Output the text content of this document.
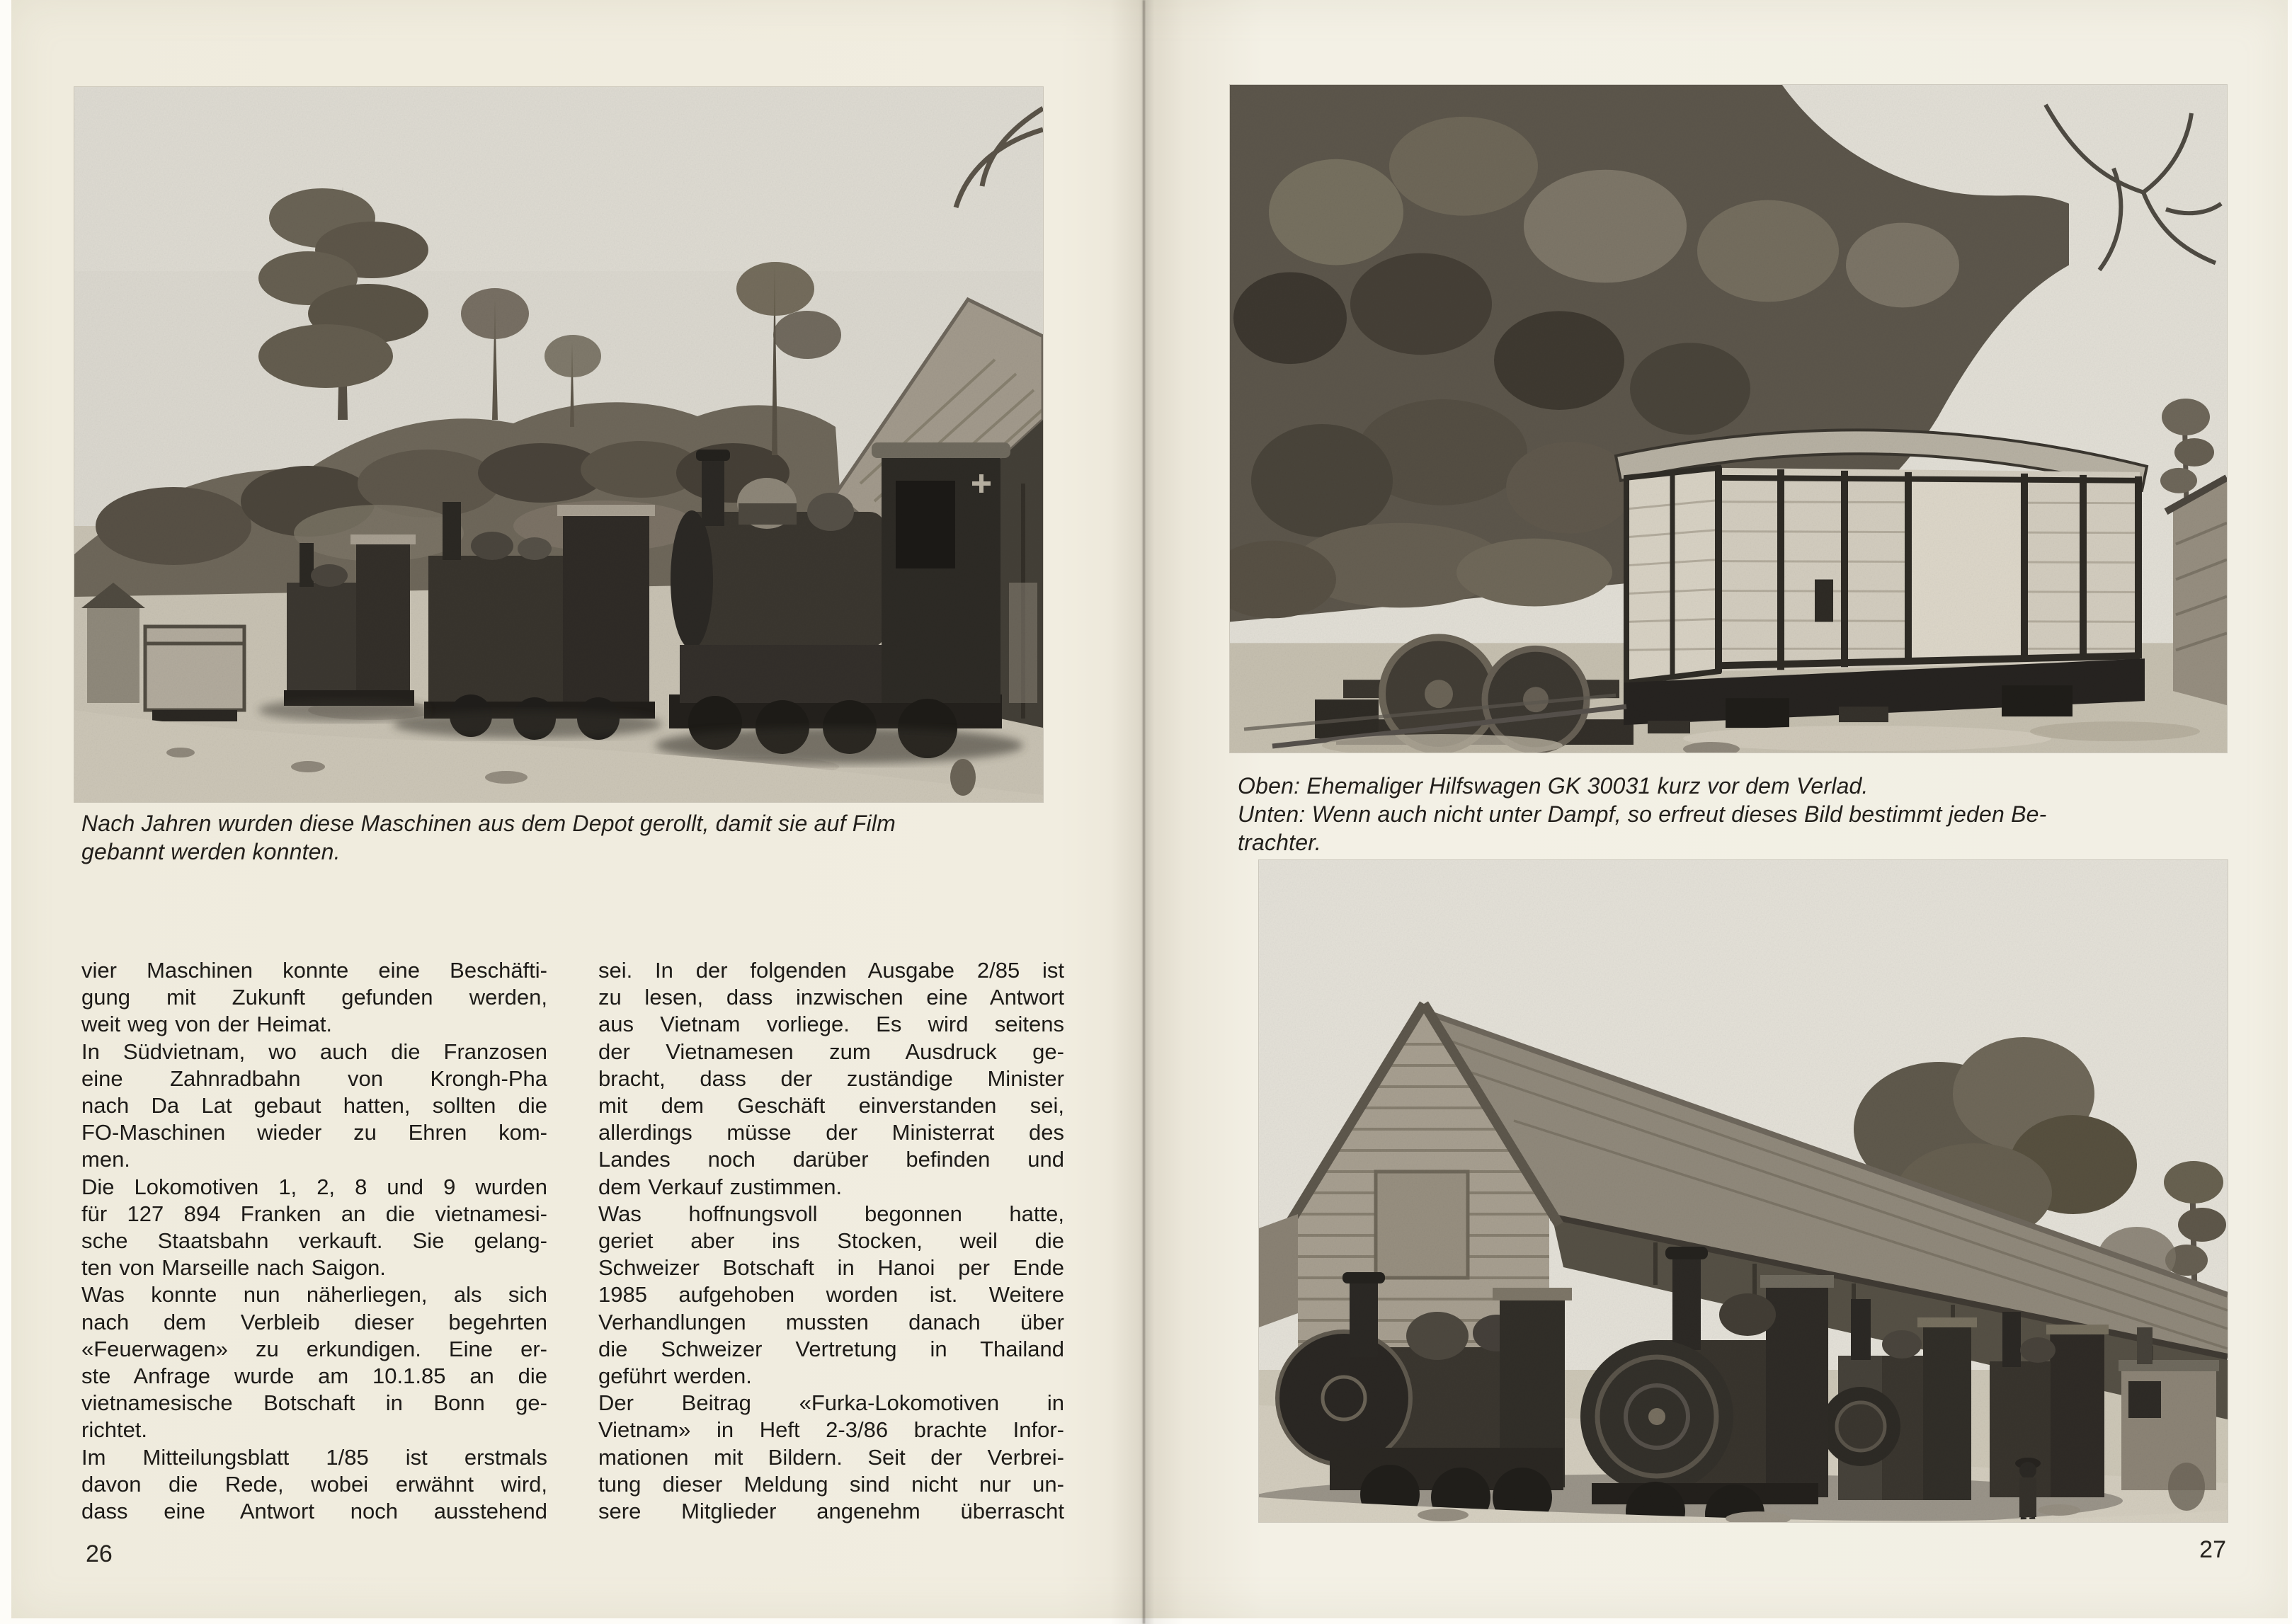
Nach Jahren wurden diese Maschinen aus dem Depot gerollt, damit sie auf Film
gebannt werden konnten.
vier Maschinen konnte eine Beschäfti-
gung mit Zukunft gefunden werden,
weit weg von der Heimat.
In Südvietnam, wo auch die Franzosen
eine Zahnradbahn von Krongh-Pha
nach Da Lat gebaut hatten, sollten die
FO-Maschinen wieder zu Ehren kom-
men.
Die Lokomotiven 1, 2, 8 und 9 wurden
für 127 894 Franken an die vietnamesi-
sche Staatsbahn verkauft. Sie gelang-
ten von Marseille nach Saigon.
Was konnte nun näherliegen, als sich
nach dem Verbleib dieser begehrten
«Feuerwagen» zu erkundigen. Eine er-
ste Anfrage wurde am 10.1.85 an die
vietnamesische Botschaft in Bonn ge-
richtet.
Im Mitteilungsblatt 1/85 ist erstmals
davon die Rede, wobei erwähnt wird,
dass eine Antwort noch ausstehend
sei. In der folgenden Ausgabe 2/85 ist
zu lesen, dass inzwischen eine Antwort
aus Vietnam vorliege. Es wird seitens
der Vietnamesen zum Ausdruck ge-
bracht, dass der zuständige Minister
mit dem Geschäft einverstanden sei,
allerdings müsse der Ministerrat des
Landes noch darüber befinden und
dem Verkauf zustimmen.
Was hoffnungsvoll begonnen hatte,
geriet aber ins Stocken, weil die
Schweizer Botschaft in Hanoi per Ende
1985 aufgehoben worden ist. Weitere
Verhandlungen mussten danach über
die Schweizer Vertretung in Thailand
geführt werden.
Der Beitrag «Furka-Lokomotiven in
Vietnam» in Heft 2-3/86 brachte Infor-
mationen mit Bildern. Seit der Verbrei-
tung dieser Meldung sind nicht nur un-
sere Mitglieder angenehm überrascht
26
Oben: Ehemaliger Hilfswagen GK 30031 kurz vor dem Verlad.
Unten: Wenn auch nicht unter Dampf, so erfreut dieses Bild bestimmt jeden Be-
trachter.
27
